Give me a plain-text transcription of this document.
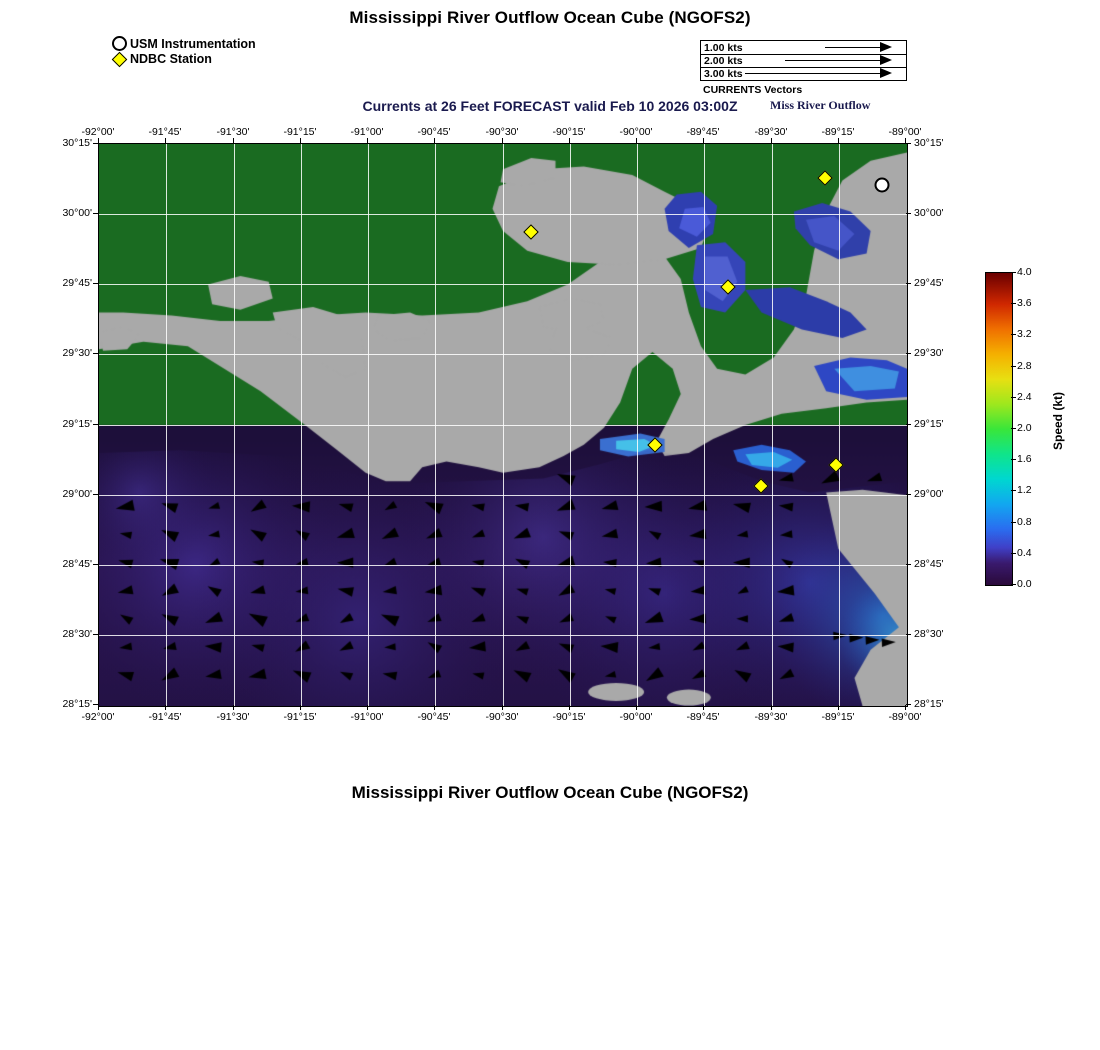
Mississippi River Outflow Ocean Cube (NGOFS2)
USM Instrumentation
NDBC Station
1.00 kts
2.00 kts
3.00 kts
CURRENTS Vectors
Currents at 26 Feet FORECAST valid Feb 10 2026 03:00Z	Miss River Outflow
-92°00'
-92°00'
-91°45'
-91°45'
-91°30'
-91°30'
-91°15'
-91°15'
-91°00'
-91°00'
-90°45'
-90°45'
-90°30'
-90°30'
-90°15'
-90°15'
-90°00'
-90°00'
-89°45'
-89°45'
-89°30'
-89°30'
-89°15'
-89°15'
-89°00'
-89°00'
30°15'	30°15'
30°00'	30°00'
29°45'	29°45'
29°30'	29°30'
29°15'	29°15'
29°00'	29°00'
28°45'	28°45'
28°30'	28°30'
28°15'	28°15'
0.0
0.4
0.8
1.2
1.6
2.0
2.4
2.8
3.2
3.6
4.0
Speed (kt)
Mississippi River Outflow Ocean Cube (NGOFS2)
